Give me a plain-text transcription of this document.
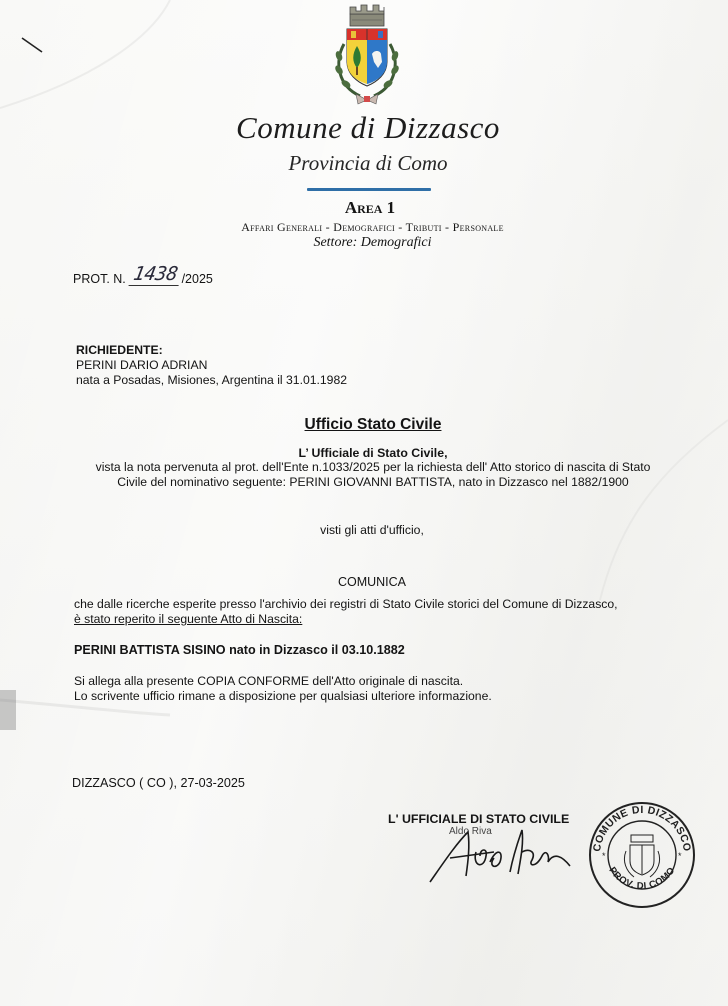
Comune di Dizzasco
Provincia di Como
Area 1
Affari Generali - Demografici - Tributi - Personale
Settore: Demografici
PROT. N. 1438 /2025
RICHIEDENTE:
PERINI DARIO ADRIAN
nata a Posadas, Misiones, Argentina il 31.01.1982
Ufficio Stato Civile
L’ Ufficiale di Stato Civile,
vista la nota pervenuta al prot. dell'Ente n.1033/2025 per la richiesta dell' Atto storico di nascita di Stato Civile del nominativo seguente: PERINI GIOVANNI BATTISTA, nato in Dizzasco nel 1882/1900
visti gli atti d'ufficio,
COMUNICA
che dalle ricerche esperite presso l'archivio dei registri di Stato Civile storici del Comune di Dizzasco,
è stato reperito il seguente Atto di Nascita:
PERINI BATTISTA SISINO nato in Dizzasco il 03.10.1882
Si allega alla presente COPIA CONFORME dell'Atto originale di nascita.
Lo scrivente ufficio rimane a disposizione per qualsiasi ulteriore informazione.
DIZZASCO ( CO ), 27-03-2025
L' UFFICIALE DI STATO CIVILE
Aldo Riva
COMUNE DI DIZZASCO
PROV. DI COMO
*	*
